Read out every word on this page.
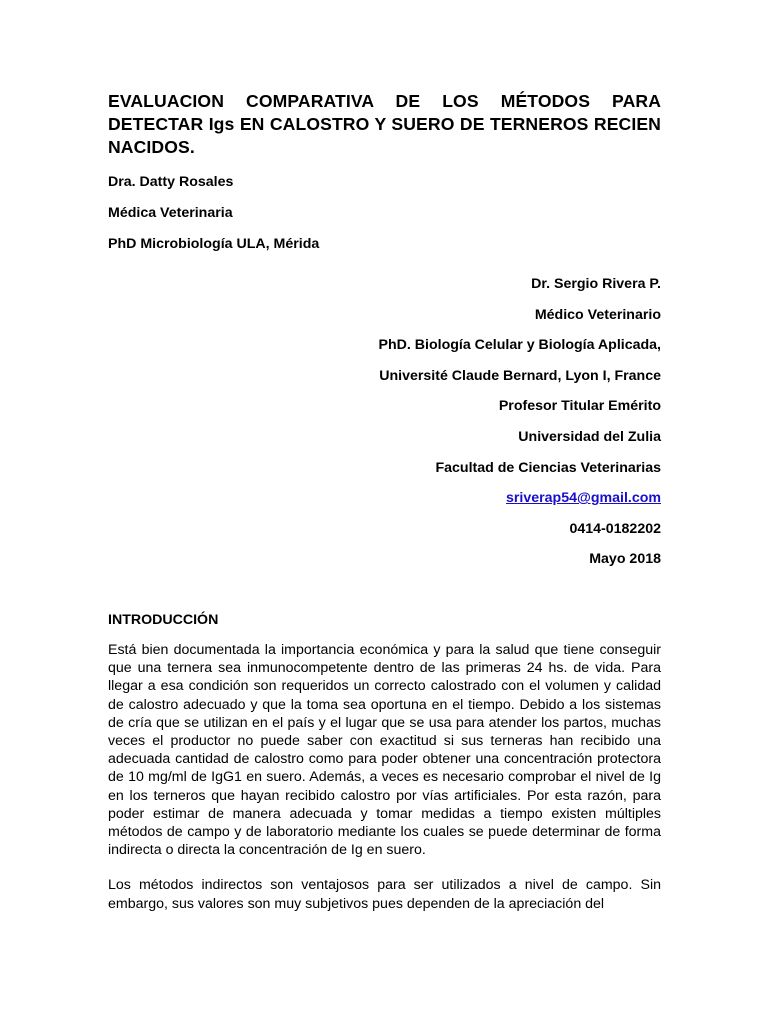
EVALUACION COMPARATIVA DE LOS MÉTODOS PARA DETECTAR Igs EN CALOSTRO Y SUERO DE TERNEROS RECIEN NACIDOS.

Dra. Datty Rosales

Médica Veterinaria

PhD Microbiología ULA, Mérida

Dr. Sergio Rivera P.

Médico Veterinario

PhD. Biología Celular y Biología Aplicada,

Université Claude Bernard, Lyon I, France

Profesor Titular Emérito

Universidad del Zulia

Facultad de Ciencias Veterinarias

sriverap54@gmail.com

0414-0182202

Mayo 2018

INTRODUCCIÓN

Está bien documentada la importancia económica y para la salud que tiene conseguir que una ternera sea inmunocompetente dentro de las primeras 24 hs. de vida. Para llegar a esa condición son requeridos un correcto calostrado con el volumen y calidad de calostro adecuado y que la toma sea oportuna en el tiempo. Debido a los sistemas de cría que se utilizan en el país y el lugar que se usa para atender los partos, muchas veces el productor no puede saber con exactitud si sus terneras han recibido una adecuada cantidad de calostro como para poder obtener una concentración protectora de 10 mg/ml de IgG1 en suero. Además, a veces es necesario comprobar el nivel de Ig en los terneros que hayan recibido calostro por vías artificiales. Por esta razón, para poder estimar de manera adecuada y tomar medidas a tiempo existen múltiples métodos de campo y de laboratorio mediante los cuales se puede determinar de forma indirecta o directa la concentración de Ig en suero.

Los métodos indirectos son ventajosos para ser utilizados a nivel de campo. Sin embargo, sus valores son muy subjetivos pues dependen de la apreciación del
